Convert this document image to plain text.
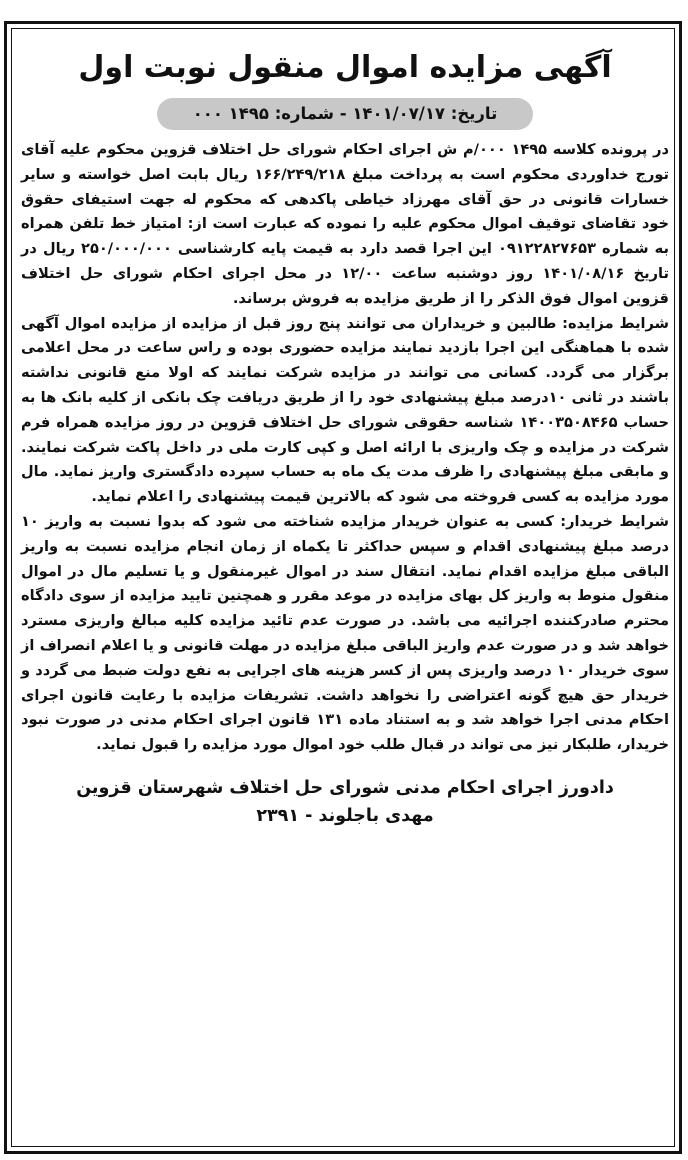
آگهی مزایده اموال منقول نوبت اول
تاریخ: ۱۴۰۱/۰۷/۱۷ - شماره: ۱۴۹۵ ۰۰۰

در پرونده کلاسه ۱۴۹۵ ۰۰۰/م ش اجرای احکام شورای حل اختلاف قزوین محکوم علیه آقای تورج خداوردی محکوم است به پرداخت مبلغ ۱۶۶/۲۴۹/۲۱۸ ریال بابت اصل خواسته و سایر خسارات قانونی در حق آقای مهرزاد خیاطی پاکدهی که محکوم له جهت استیفای حقوق خود تقاضای توقیف اموال محکوم علیه را نموده که عبارت است از: امتیاز خط تلفن همراه به شماره ۰۹۱۲۲۸۲۷۶۵۳ این اجرا قصد دارد به قیمت پایه کارشناسی ۲۵۰/۰۰۰/۰۰۰ ریال در تاریخ ۱۴۰۱/۰۸/۱۶ روز دوشنبه ساعت ۱۲/۰۰ در محل اجرای احکام شورای حل اختلاف قزوین اموال فوق الذکر را از طریق مزایده به فروش برساند.

شرایط مزایده: طالبین و خریداران می توانند پنج روز قبل از مزایده از مزایده اموال آگهی شده با هماهنگی این اجرا بازدید نمایند مزایده حضوری بوده و راس ساعت در محل اعلامی برگزار می گردد. کسانی می توانند در مزایده شرکت نمایند که اولا منع قانونی نداشته باشند در ثانی ۱۰درصد مبلغ پیشنهادی خود را از طریق دریافت چک بانکی از کلیه بانک ها به حساب ۱۴۰۰۳۵۰۸۴۶۵ شناسه حقوقی شورای حل اختلاف قزوین در روز مزایده همراه فرم شرکت در مزایده و چک واریزی با ارائه اصل و کپی کارت ملی در داخل پاکت شرکت نمایند. و مابقی مبلغ پیشنهادی را ظرف مدت یک ماه به حساب سپرده دادگستری واریز نماید. مال مورد مزایده به کسی فروخته می شود که بالاترین قیمت پیشنهادی را اعلام نماید.

شرایط خریدار: کسی به عنوان خریدار مزایده شناخته می شود که بدوا نسبت به واریز ۱۰ درصد مبلغ پیشنهادی اقدام و سپس حداکثر تا یکماه از زمان انجام مزایده نسبت به واریز الباقی مبلغ مزایده اقدام نماید. انتقال سند در اموال غیرمنقول و یا تسلیم مال در اموال منقول منوط به واریز کل بهای مزایده در موعد مقرر و همچنین تایید مزایده از سوی دادگاه محترم صادرکننده اجرائیه می باشد. در صورت عدم تائید مزایده کلیه مبالغ واریزی مسترد خواهد شد و در صورت عدم واریز الباقی مبلغ مزایده در مهلت قانونی و یا اعلام انصراف از سوی خریدار ۱۰ درصد واریزی پس از کسر هزینه های اجرایی به نفع دولت ضبط می گردد و خریدار حق هیچ گونه اعتراضی را نخواهد داشت. تشریفات مزایده با رعایت قانون اجرای احکام مدنی اجرا خواهد شد و به استناد ماده ۱۳۱ قانون اجرای احکام مدنی در صورت نبود خریدار، طلبکار نیز می تواند در قبال طلب خود اموال مورد مزایده را قبول نماید.

دادورز اجرای احکام مدنی شورای حل اختلاف شهرستان قزوین
مهدی باجلوند - ۲۳۹۱
